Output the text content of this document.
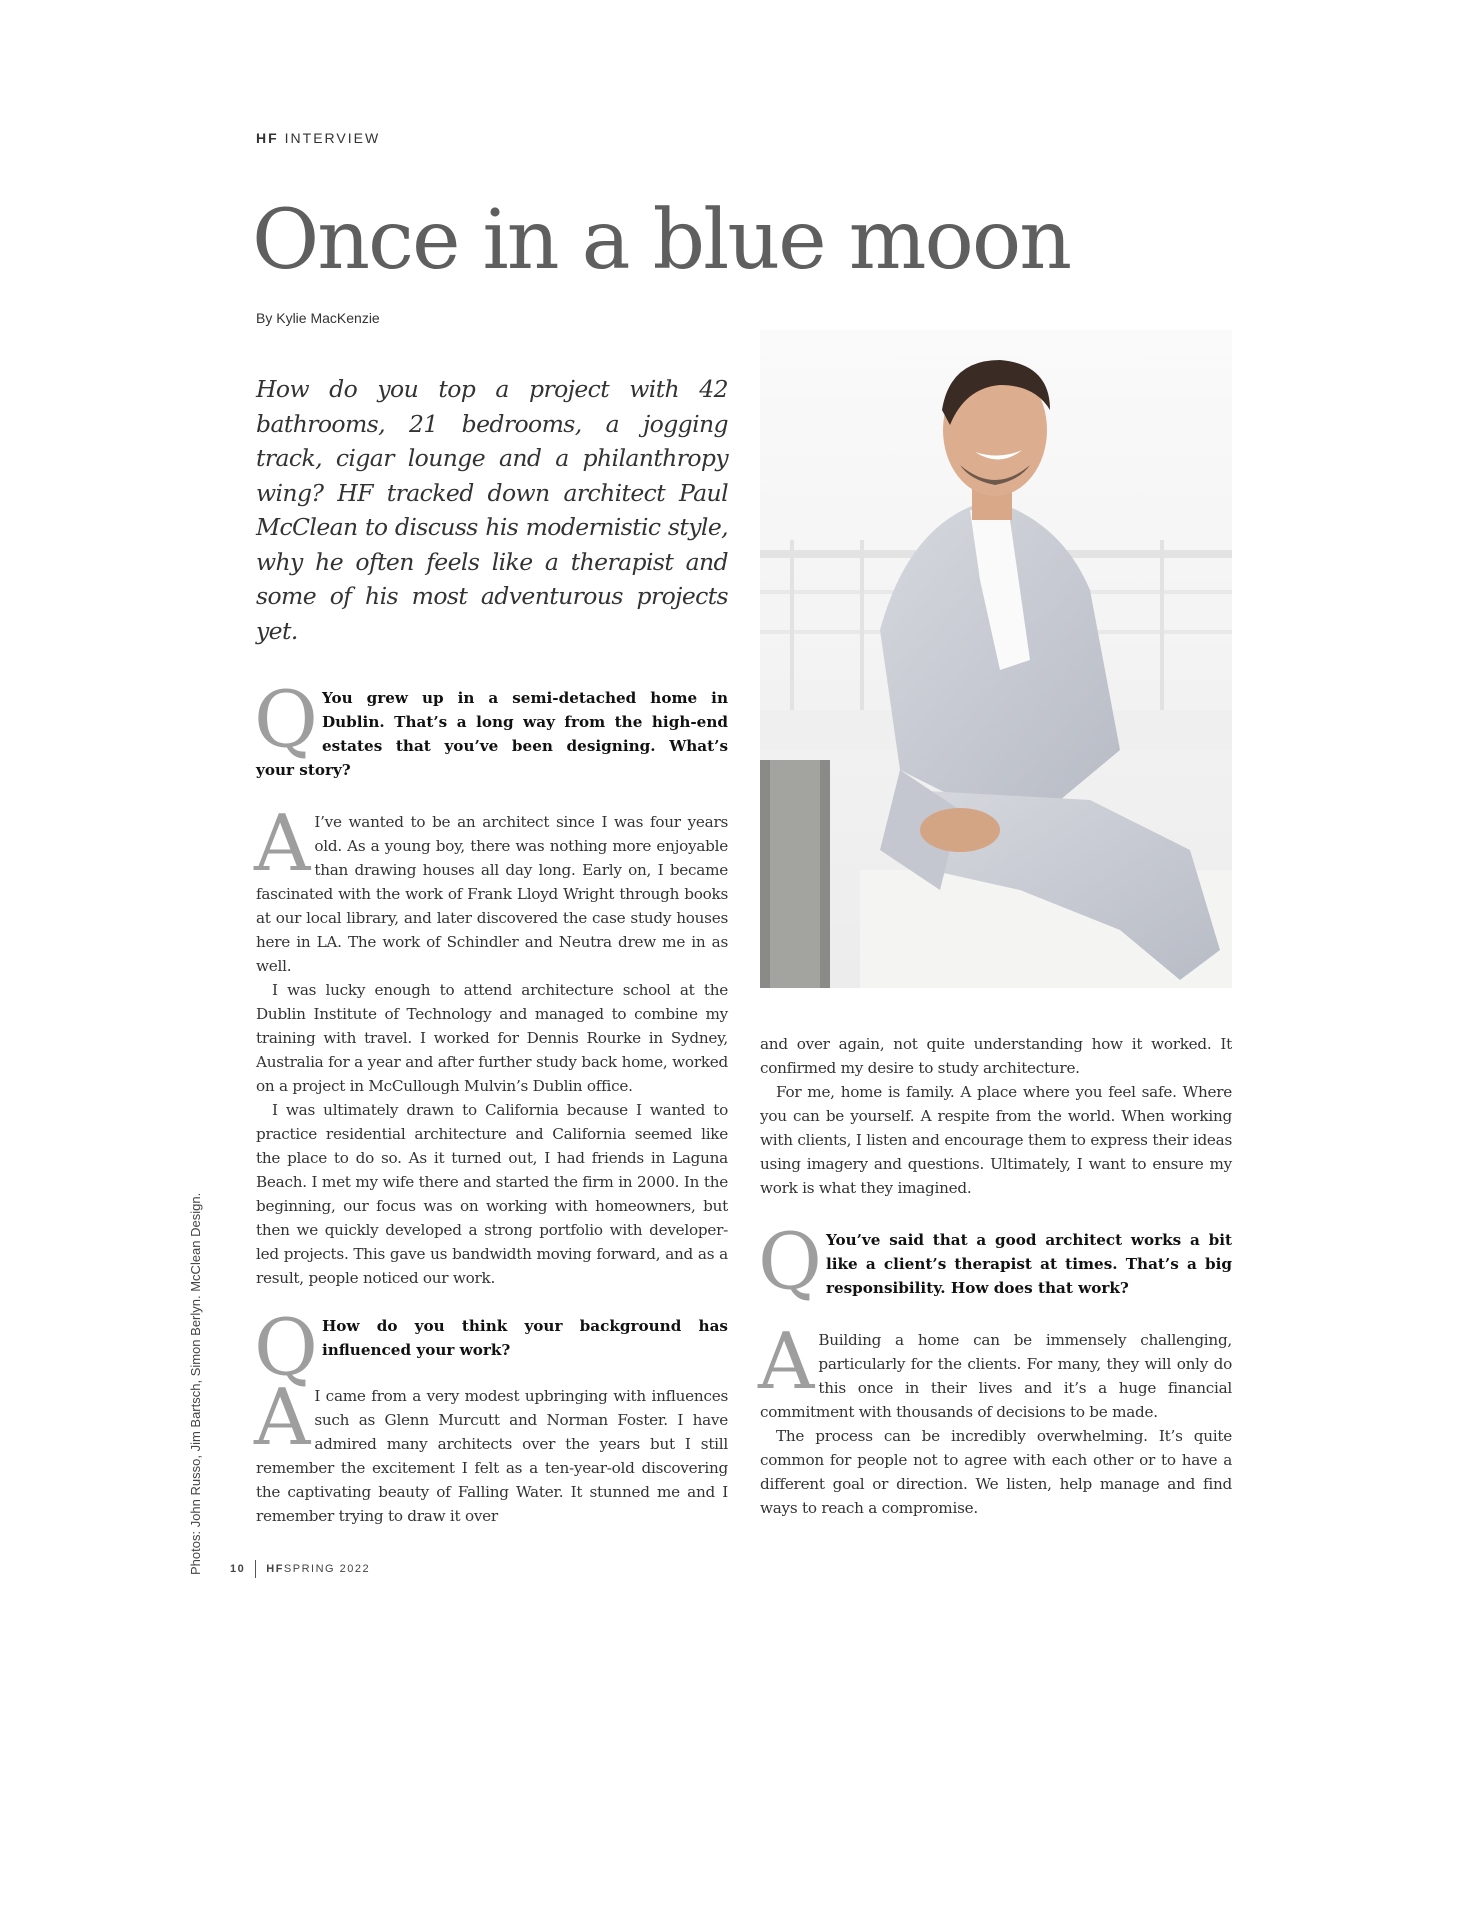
HF INTERVIEW
Once in a blue moon
By Kylie MacKenzie

How do you top a project with 42 bathrooms, 21 bedrooms, a jogging track, cigar lounge and a philanthropy wing? HF tracked down architect Paul McClean to discuss his modernistic style, why he often feels like a therapist and some of his most adventurous projects yet.

Q You grew up in a semi-detached home in Dublin. That’s a long way from the high-end estates that you’ve been designing. What’s your story?

A I’ve wanted to be an architect since I was four years old. As a young boy, there was nothing more enjoyable than drawing houses all day long. Early on, I became fascinated with the work of Frank Lloyd Wright through books at our local library, and later discovered the case study houses here in LA. The work of Schindler and Neutra drew me in as well.

I was lucky enough to attend architecture school at the Dublin Institute of Technology and managed to combine my training with travel. I worked for Dennis Rourke in Sydney, Australia for a year and after further study back home, worked on a project in McCullough Mulvin’s Dublin office.

I was ultimately drawn to California because I wanted to practice residential architecture and California seemed like the place to do so. As it turned out, I had friends in Laguna Beach. I met my wife there and started the firm in 2000. In the beginning, our focus was on working with homeowners, but then we quickly developed a strong portfolio with developer-led projects. This gave us bandwidth moving forward, and as a result, people noticed our work.

Q How do you think your background has influenced your work?

A I came from a very modest upbringing with influences such as Glenn Murcutt and Norman Foster. I have admired many architects over the years but I still remember the excitement I felt as a ten-year-old discovering the captivating beauty of Falling Water. It stunned me and I remember trying to draw it over

and over again, not quite understanding how it worked. It confirmed my desire to study architecture.

For me, home is family. A place where you feel safe. Where you can be yourself. A respite from the world. When working with clients, I listen and encourage them to express their ideas using imagery and questions. Ultimately, I want to ensure my work is what they imagined.

Q You’ve said that a good architect works a bit like a client’s therapist at times. That’s a big responsibility. How does that work?

A Building a home can be immensely challenging, particularly for the clients. For many, they will only do this once in their lives and it’s a huge financial commitment with thousands of decisions to be made.

The process can be incredibly overwhelming. It’s quite common for people not to agree with each other or to have a different goal or direction. We listen, help manage and find ways to reach a compromise.

Photos: John Russo, Jim Bartsch, Simon Berlyn. McClean Design. 10 HF SPRING 2022
